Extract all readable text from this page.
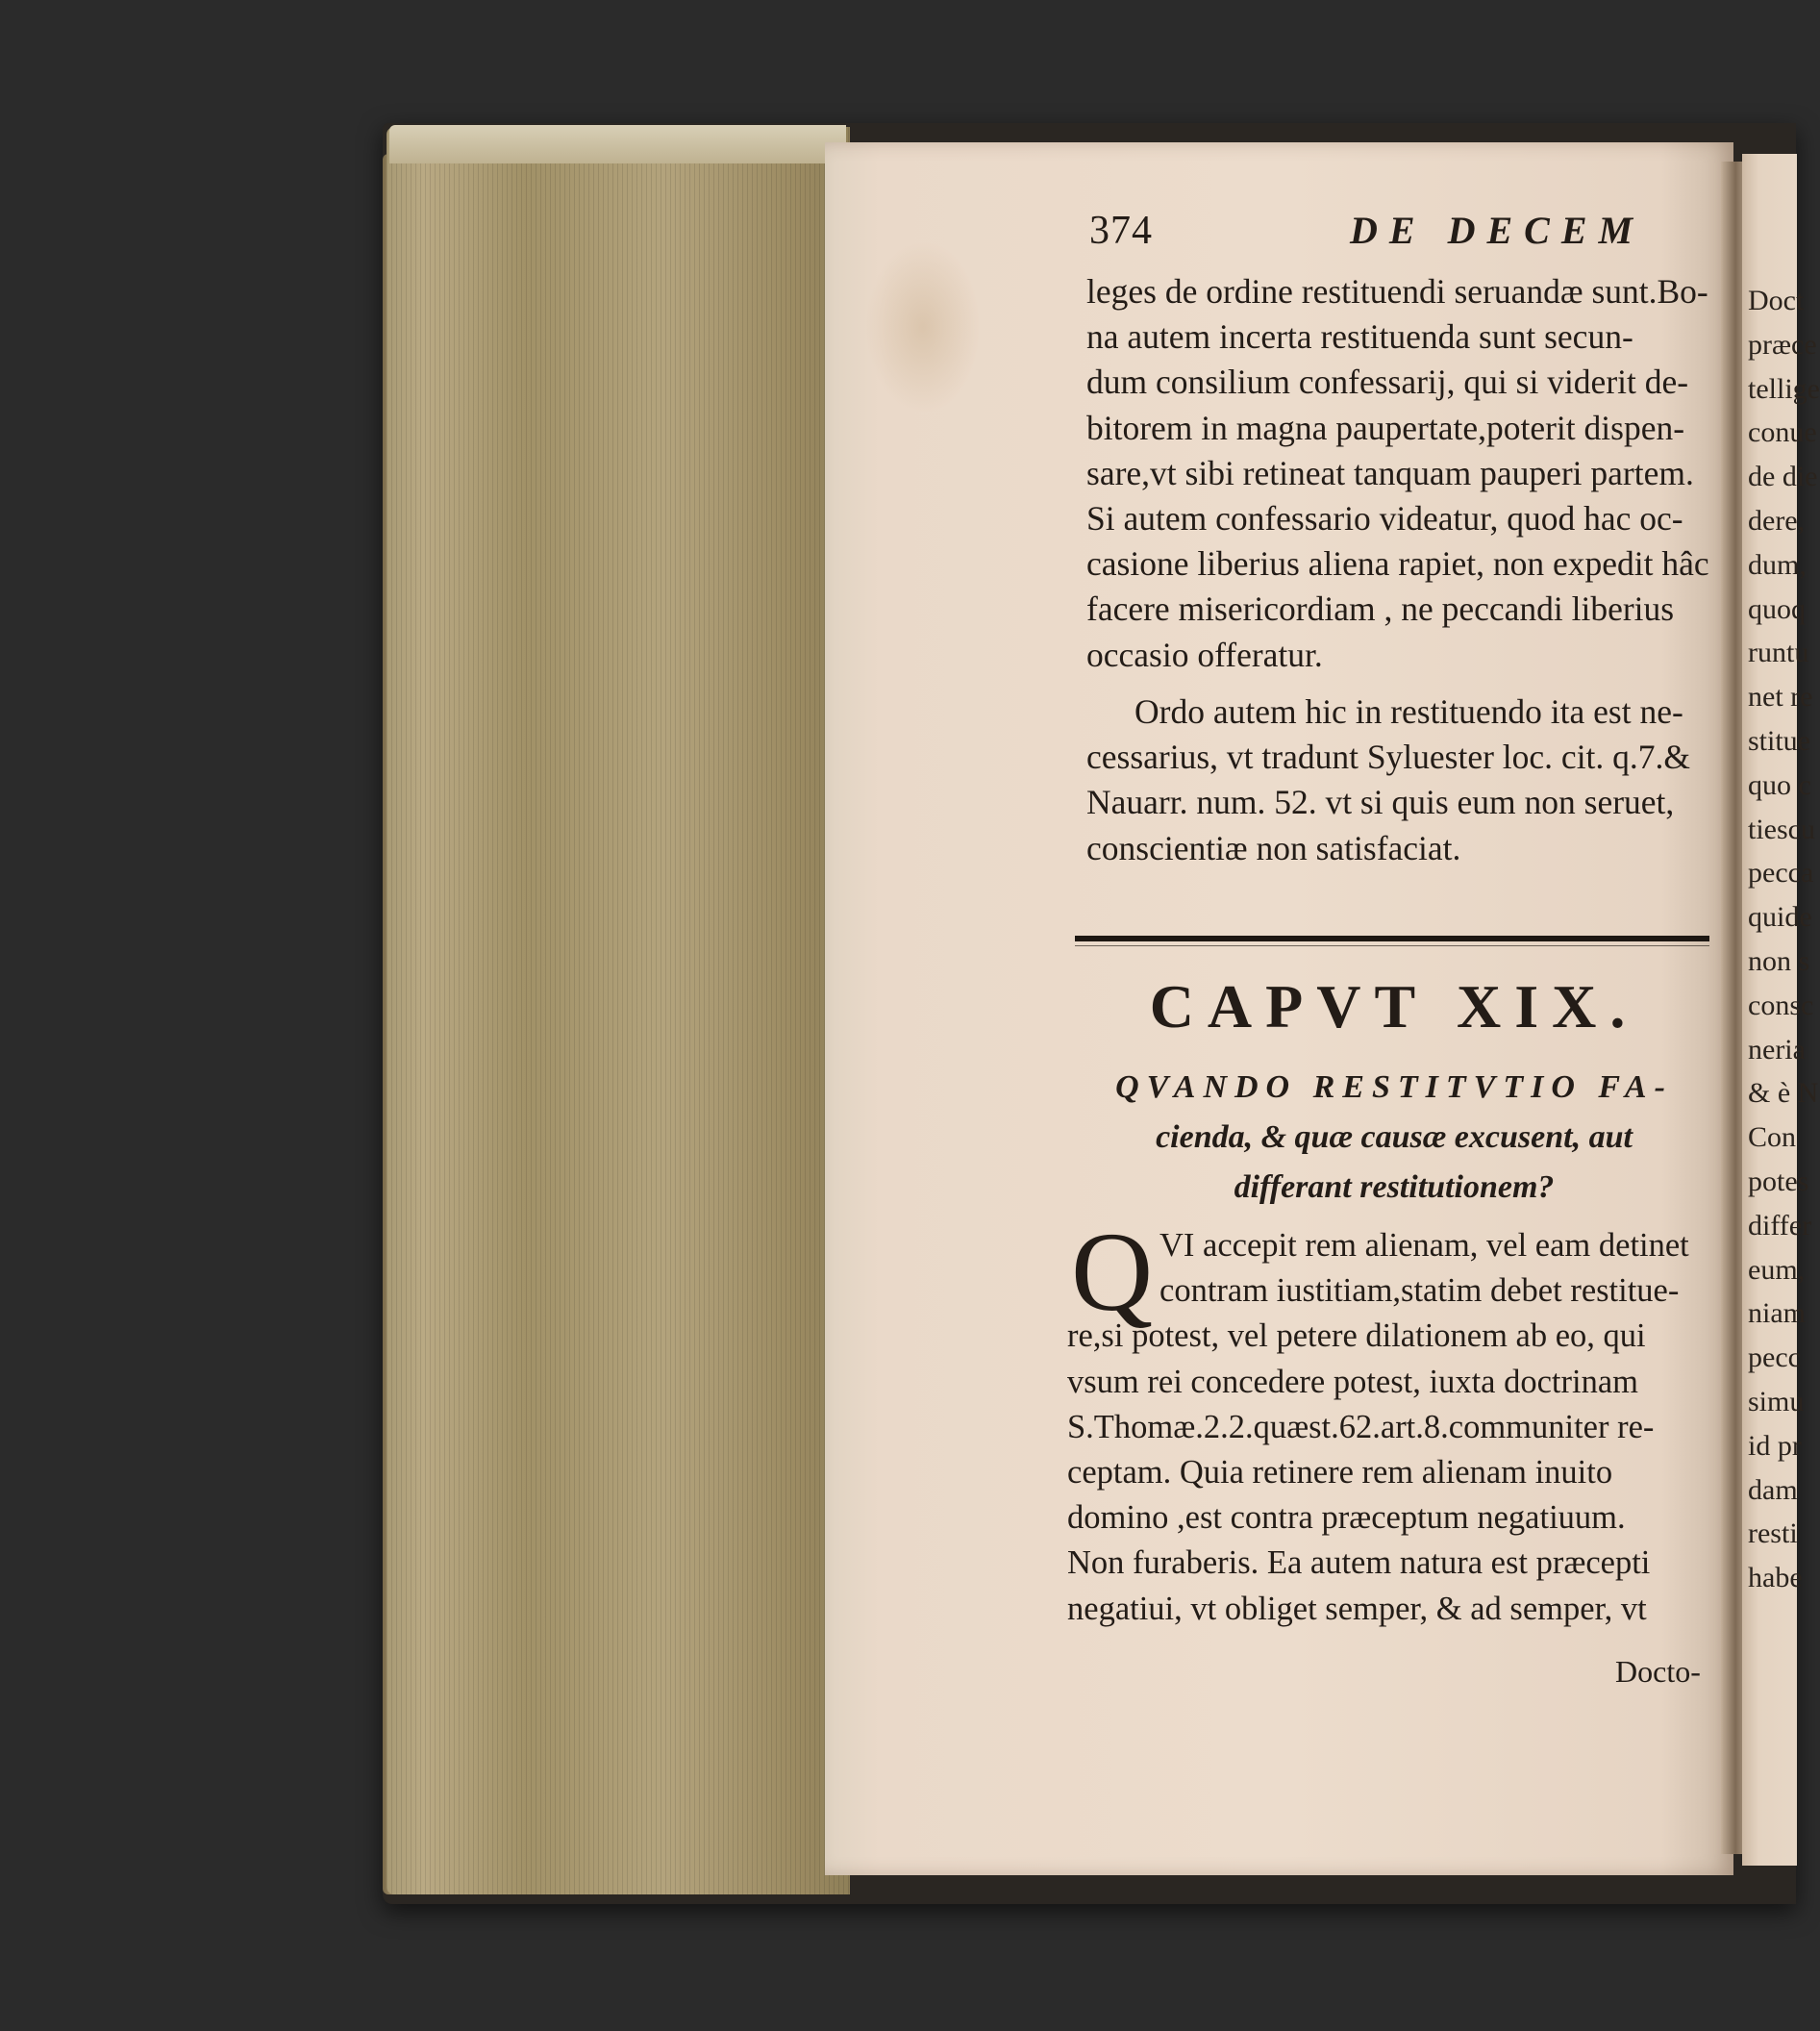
Doct
præce
tellige
conue
de die
dere,
dum,
quoq
runtu
net re
stitue
quo c
tiescu
pecca
quide
non s
consc
neria
& è N
Con
potes
differ
eum,
niam
pecc
simu
id pr
dam
resti
habe
374	DE DECEM
leges de ordine restituendi seruandæ sunt.Bo-
na autem incerta restituenda sunt secun-
dum consilium confessarij, qui si viderit de-
bitorem in magna paupertate,poterit dispen-
sare,vt sibi retineat tanquam pauperi partem.
Si autem confessario videatur, quod hac oc-
casione liberius aliena rapiet, non expedit hâc
facere misericordiam , ne peccandi liberius
occasio offeratur.
Ordo autem hic in restituendo ita est ne-
cessarius, vt tradunt Syluester loc. cit. q.7.&
Nauarr. num. 52. vt si quis eum non seruet,
conscientiæ non satisfaciat.
CAPVT XIX.
QVANDO RESTITVTIO FA-
cienda, & quæ causæ excusent, aut
differant restitutionem?
Q VI accepit rem alienam, vel eam detinet
contram iustitiam,statim debet restitue-
re,si potest, vel petere dilationem ab eo, qui
vsum rei concedere potest, iuxta doctrinam
S.Thomæ.2.2.quæst.62.art.8.communiter re-
ceptam. Quia retinere rem alienam inuito
domino ,est contra præceptum negatiuum.
Non furaberis. Ea autem natura est præcepti
negatiui, vt obliget semper, & ad semper, vt
Docto-
